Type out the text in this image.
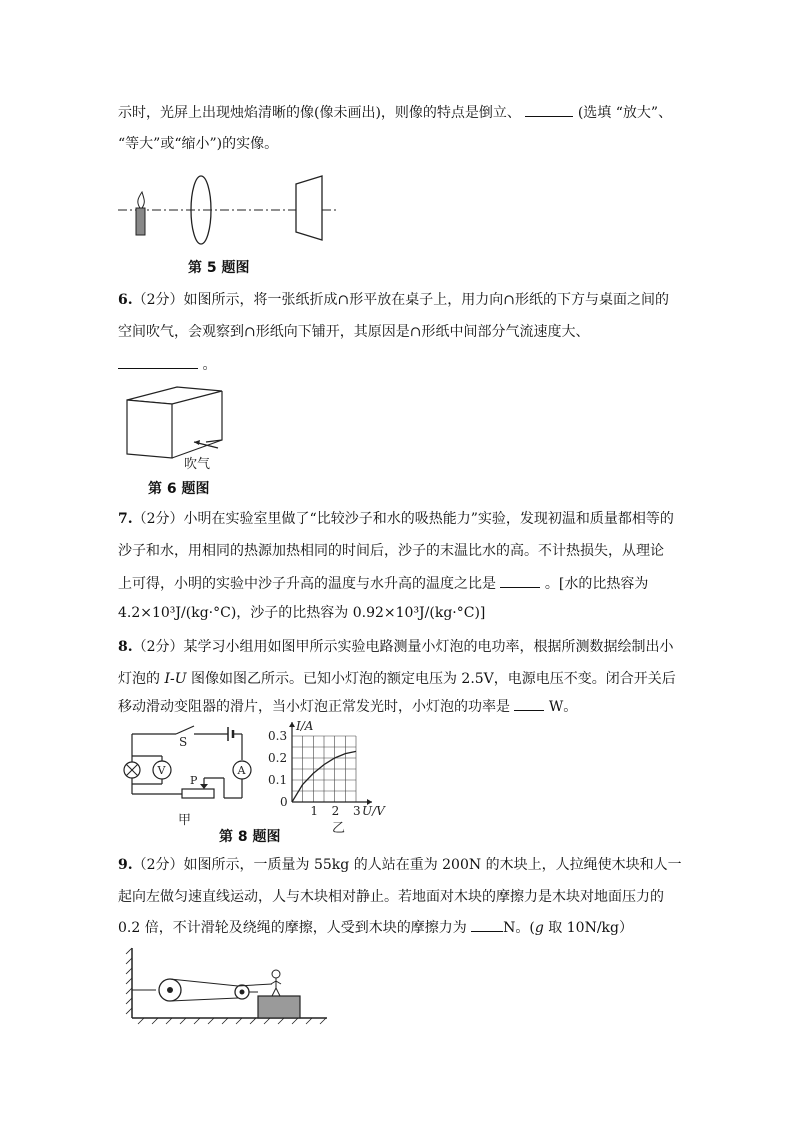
示时，光屏上出现烛焰清晰的像(像未画出)，则像的特点是倒立、	(选填 “放大”、
“等大”或“缩小”)的实像。
第 5 题图
6.（2分）如图所示，将一张纸折成∩形平放在桌子上，用力向∩形纸的下方与桌面之间的
空间吹气，会观察到∩形纸向下铺开，其原因是∩形纸中间部分气流速度大、
。
吹气
第 6 题图
7.（2分）小明在实验室里做了“比较沙子和水的吸热能力”实验，发现初温和质量都相等的
沙子和水，用相同的热源加热相同的时间后，沙子的末温比水的高。不计热损失，从理论
上可得，小明的实验中沙子升高的温度与水升高的温度之比是	。[水的比热容为
4.2×10³J/(kg·°C)，沙子的比热容为 0.92×10³J/(kg·°C)]
8.（2分）某学习小组用如图甲所示实验电路测量小灯泡的电功率，根据所测数据绘制出小
灯泡的 I-U 图像如图乙所示。已知小灯泡的额定电压为 2.5V，电源电压不变。闭合开关后
移动滑动变阻器的滑片，当小灯泡正常发光时，小灯泡的功率是	W。
S
A
P
V
甲
1 2 3
0.1
0.2
0.3
I/A
U/V
0
乙
第 8 题图
9.（2分）如图所示，一质量为 55kg 的人站在重为 200N 的木块上，人拉绳使木块和人一
起向左做匀速直线运动，人与木块相对静止。若地面对木块的摩擦力是木块对地面压力的
0.2 倍，不计滑轮及绕绳的摩擦，人受到木块的摩擦力为	N。(g 取 10N/kg）
